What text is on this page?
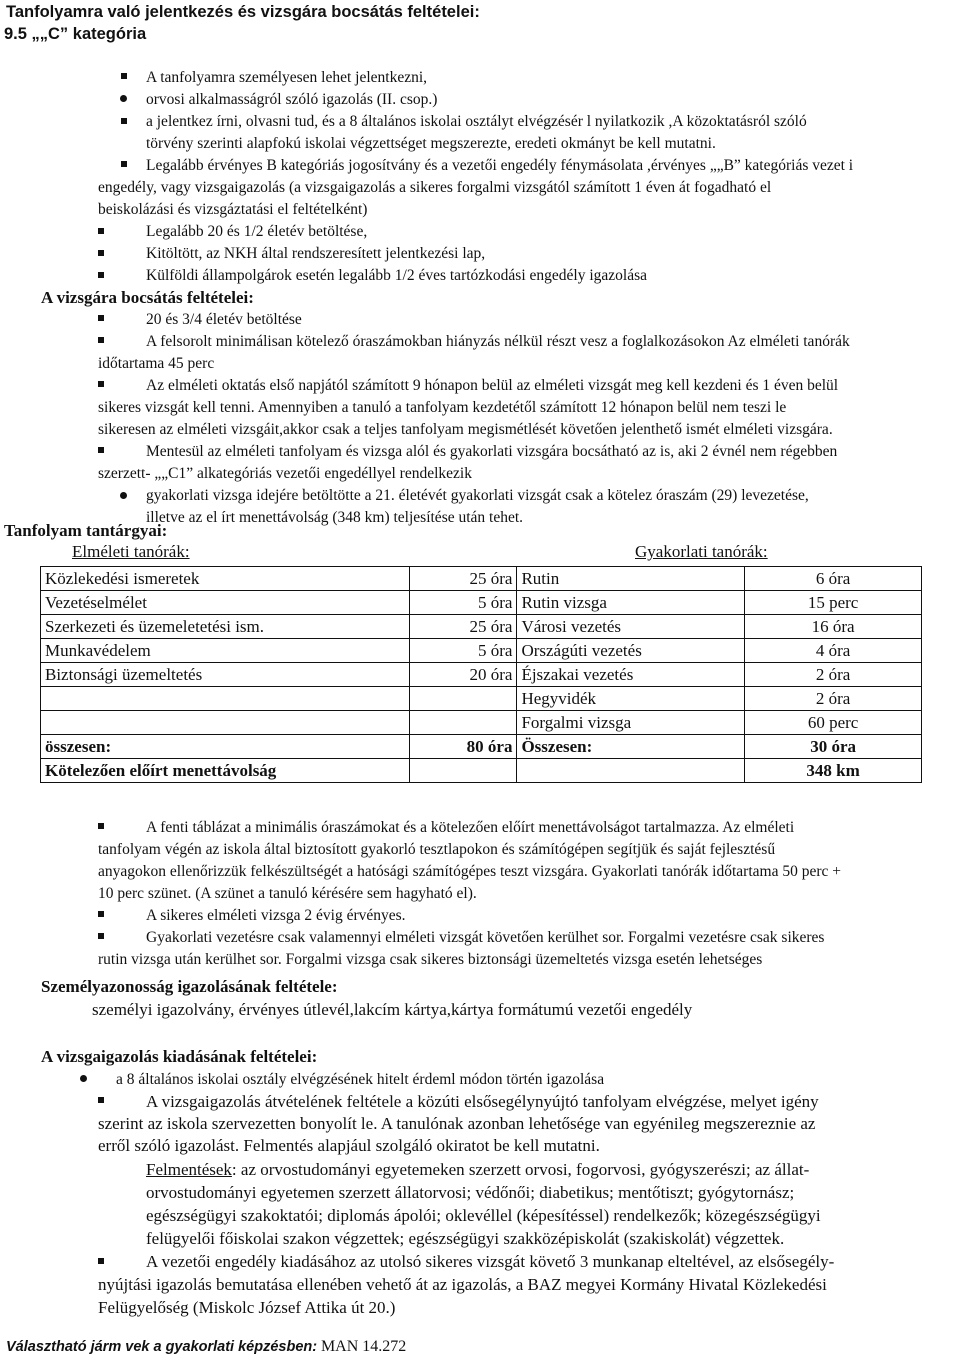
Tanfolyamra való jelentkezés és vizsgára bocsátás feltételei:
9.5 „„C” kategória
A tanfolyamra személyesen lehet jelentkezni,
orvosi alkalmasságról szóló igazolás (II. csop.)
a jelentkez írni, olvasni tud, és a 8 általános iskolai osztályt elvégzésér l nyilatkozik ,A közoktatásról szóló
törvény szerinti alapfokú iskolai végzettséget megszerezte, eredeti okmányt be kell mutatni.
Legalább érvényes B kategóriás jogosítvány és a vezetői engedély fénymásolata ,érvényes „„B” kategóriás vezet i
engedély, vagy vizsgaigazolás (a vizsgaigazolás a sikeres forgalmi vizsgától számított 1 éven át fogadható el
beiskolázási és vizsgáztatási el feltételként)
Legalább 20 és 1/2 életév betöltése,
Kitöltött, az NKH által rendszeresített jelentkezési lap,
Külföldi állampolgárok esetén legalább 1/2 éves tartózkodási engedély igazolása
A vizsgára bocsátás feltételei:
20 és 3/4 életév betöltése
A felsorolt minimálisan kötelező óraszámokban hiányzás nélkül részt vesz a foglalkozásokon Az elméleti tanórák
időtartama 45 perc
Az elméleti oktatás első napjától számított 9 hónapon belül az elméleti vizsgát meg kell kezdeni és 1 éven belül
sikeres vizsgát kell tenni. Amennyiben a tanuló a tanfolyam kezdetétől számított 12 hónapon belül nem teszi le
sikeresen az elméleti vizsgáit,akkor csak a teljes tanfolyam megismétlését követően jelenthető ismét elméleti vizsgára.
Mentesül az elméleti tanfolyam és vizsga alól és gyakorlati vizsgára bocsátható az is, aki 2 évnél nem régebben
szerzett- „„C1” alkategóriás vezetői engedéllyel rendelkezik
gyakorlati vizsga idejére betöltötte a 21. életévét gyakorlati vizsgát csak a kötelez óraszám (29) levezetése,
illetve az el írt menettávolság (348 km) teljesítése után tehet.
Tanfolyam tantárgyai:
Elméleti tanórák:	Gyakorlati tanórák:
Közlekedési ismeretek	25 óra	Rutin	6 óra
Vezetéselmélet	5 óra	Rutin vizsga	15 perc
Szerkezeti és üzemeletetési ism.	25 óra	Városi vezetés	16 óra
Munkavédelem	5 óra	Országúti vezetés	4 óra
Biztonsági üzemeltetés	20 óra	Éjszakai vezetés	2 óra
		Hegyvidék	2 óra
		Forgalmi vizsga	60 perc
összesen:	80 óra	Összesen:	30 óra
Kötelezően előírt menettávolság			348 km
A fenti táblázat a minimális óraszámokat és a kötelezően előírt menettávolságot tartalmazza. Az elméleti
tanfolyam végén az iskola által biztosított gyakorló tesztlapokon és számítógépen segítjük és saját fejlesztésű
anyagokon ellenőrizzük felkészültségét a hatósági számítógépes teszt vizsgára. Gyakorlati tanórák időtartama 50 perc +
10 perc szünet. (A szünet a tanuló kérésére sem hagyható el).
A sikeres elméleti vizsga 2 évig érvényes.
Gyakorlati vezetésre csak valamennyi elméleti vizsgát követően kerülhet sor. Forgalmi vezetésre csak sikeres
rutin vizsga után kerülhet sor. Forgalmi vizsga csak sikeres biztonsági üzemeltetés vizsga esetén lehetséges
Személyazonosság igazolásának feltétele:
személyi igazolvány, érvényes útlevél,lakcím kártya,kártya formátumú vezetői engedély
A vizsgaigazolás kiadásának feltételei:
a 8 általános iskolai osztály elvégzésének hitelt érdeml módon történ igazolása
A vizsgaigazolás átvételének feltétele a közúti elsősegélynyújtó tanfolyam elvégzése, melyet igény
szerint az iskola szervezetten bonyolít le. A tanulónak azonban lehetősége van egyénileg megszereznie az
erről szóló igazolást. Felmentés alapjául szolgáló okiratot be kell mutatni.
Felmentések: az orvostudományi egyetemeken szerzett orvosi, fogorvosi, gyógyszerészi; az állat-
orvostudományi egyetemen szerzett állatorvosi; védőnői; diabetikus; mentőtiszt; gyógytornász;
egészségügyi szakoktatói; diplomás ápolói; oklevéllel (képesítéssel) rendelkezők; közegészségügyi
felügyelői főiskolai szakon végzettek; egészségügyi szakközépiskolát (szakiskolát) végzettek.
A vezetői engedély kiadásához az utolsó sikeres vizsgát követő 3 munkanap elteltével, az elsősegély-
nyújtási igazolás bemutatása ellenében vehető át az igazolás, a BAZ megyei Kormány Hivatal Közlekedési
Felügyelőség (Miskolc József Attika út 20.)
Választható járm vek a gyakorlati képzésben: MAN 14.272
